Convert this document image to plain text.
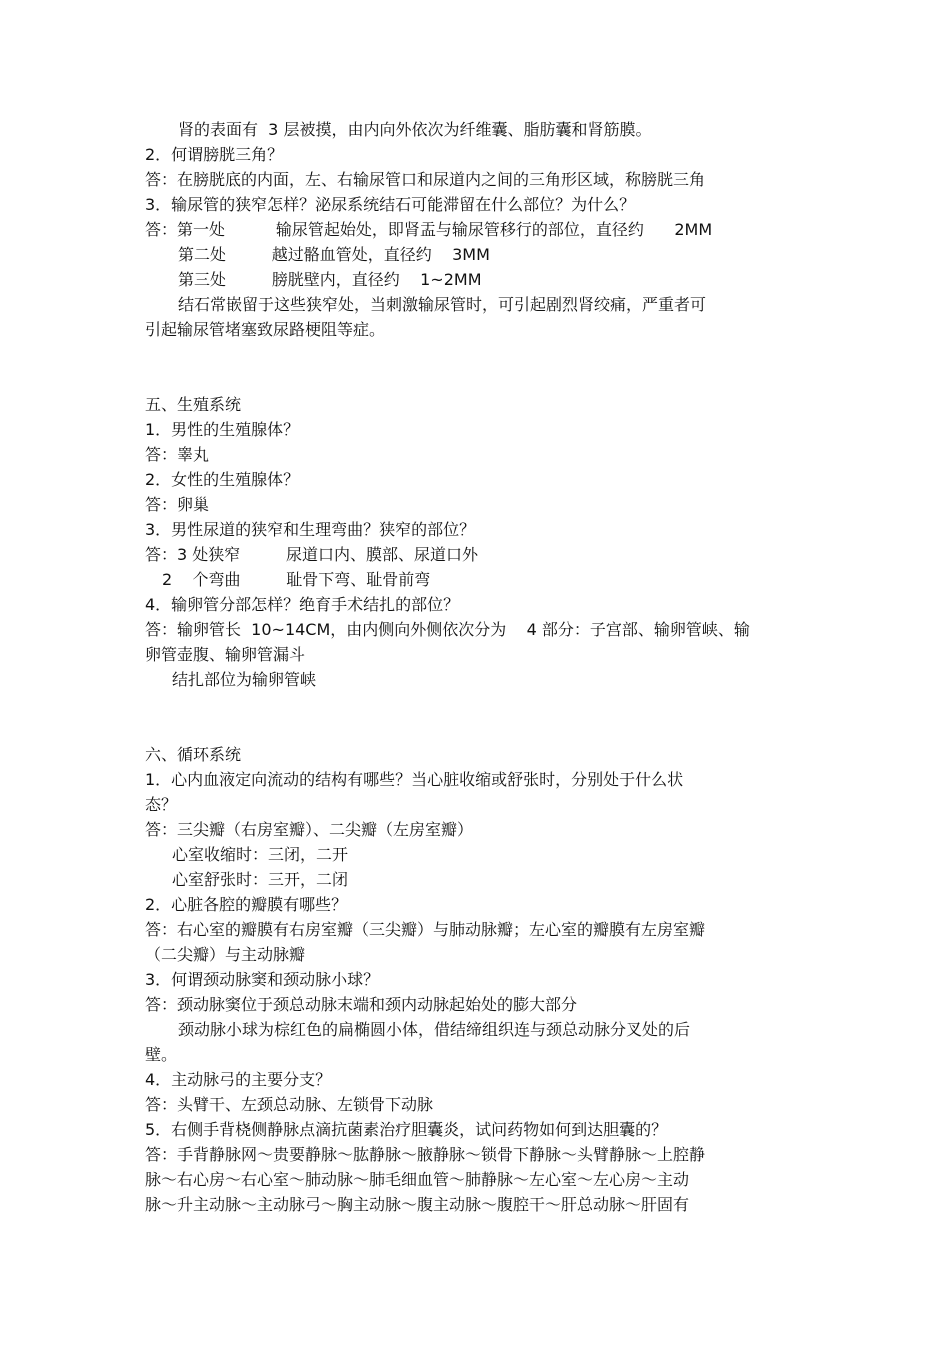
肾的表面有  3 层被摸，由内向外依次为纤维囊、脂肪囊和肾筋膜。
2．何谓膀胱三角？
答：在膀胱底的内面，左、右输尿管口和尿道内之间的三角形区域，称膀胱三角
3．输尿管的狭窄怎样？泌尿系统结石可能滞留在什么部位？为什么？
答：第一处          输尿管起始处，即肾盂与输尿管移行的部位，直径约      2MM
第二处         越过骼血管处，直径约    3MM
第三处         膀胱壁内，直径约    1~2MM
结石常嵌留于这些狭窄处，当刺激输尿管时，可引起剧烈肾绞痛，严重者可
引起输尿管堵塞致尿路梗阻等症。
五、生殖系统
1．男性的生殖腺体？
答：睾丸
2．女性的生殖腺体？
答：卵巢
3．男性尿道的狭窄和生理弯曲？狭窄的部位？
答：3 处狭窄         尿道口内、膜部、尿道口外
2    个弯曲         耻骨下弯、耻骨前弯
4．输卵管分部怎样？绝育手术结扎的部位？
答：输卵管长  10~14CM，由内侧向外侧依次分为    4 部分：子宫部、输卵管峡、输
卵管壶腹、输卵管漏斗
结扎部位为输卵管峡
六、循环系统
1．心内血液定向流动的结构有哪些？当心脏收缩或舒张时，分别处于什么状
态？
答：三尖瓣（右房室瓣）、二尖瓣（左房室瓣）
心室收缩时：三闭，二开
心室舒张时：三开，二闭
2．心脏各腔的瓣膜有哪些？
答：右心室的瓣膜有右房室瓣（三尖瓣）与肺动脉瓣；左心室的瓣膜有左房室瓣
（二尖瓣）与主动脉瓣
3．何谓颈动脉窦和颈动脉小球？
答：颈动脉窦位于颈总动脉末端和颈内动脉起始处的膨大部分
颈动脉小球为棕红色的扁椭圆小体，借结缔组织连与颈总动脉分叉处的后
壁。
4．主动脉弓的主要分支？
答：头臂干、左颈总动脉、左锁骨下动脉
5．右侧手背桡侧静脉点滴抗菌素治疗胆囊炎，试问药物如何到达胆囊的？
答：手背静脉网～贵要静脉～肱静脉～腋静脉～锁骨下静脉～头臂静脉～上腔静
脉～右心房～右心室～肺动脉～肺毛细血管～肺静脉～左心室～左心房～主动
脉～升主动脉～主动脉弓～胸主动脉～腹主动脉～腹腔干～肝总动脉～肝固有
